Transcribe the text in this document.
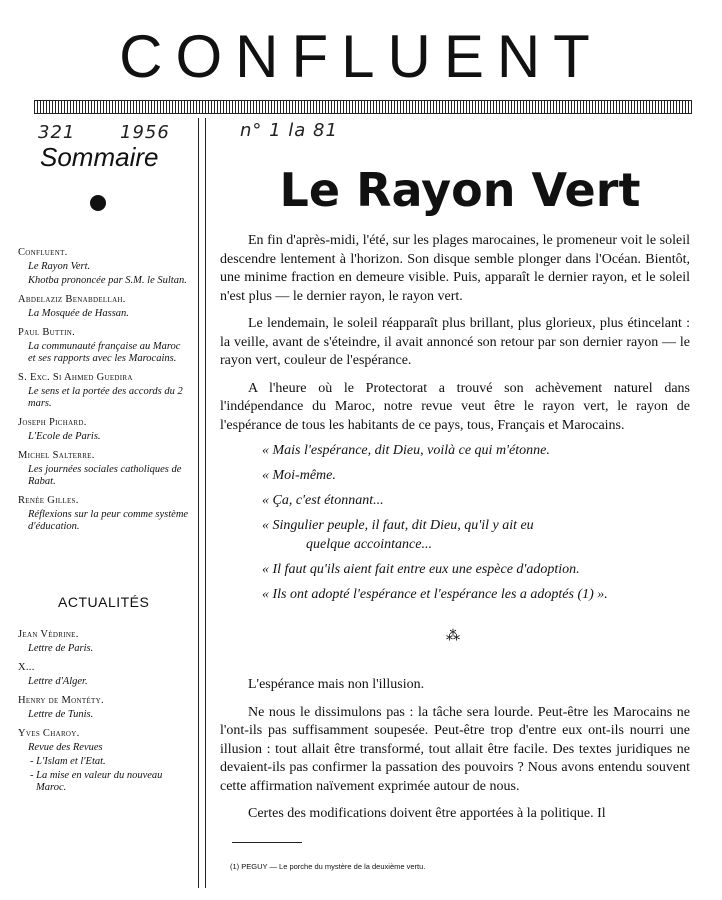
CONFLUENT
321 1956	n° 1 la 81
Sommaire
Confluent.
Le Rayon Vert.
Khotba prononcée par S.M. le Sultan.
Abdelaziz Benabdellah.
La Mosquée de Hassan.
Paul Buttin.
La communauté française au Maroc et ses rapports avec les Marocains.
S. Exc. Si Ahmed Guedira
Le sens et la portée des accords du 2 mars.
Joseph Pichard.
L'Ecole de Paris.
Michel Salterre.
Les journées sociales catholiques de Rabat.
Renée Gilles.
Réflexions sur la peur comme système d'éducation.
ACTUALITÉS
Jean Védrine.
Lettre de Paris.
X...
Lettre d'Alger.
Henry de Montéty.
Lettre de Tunis.
Yves Charoy.
Revue des Revues
- L'Islam et l'Etat.
- La mise en valeur du nouveau Maroc.
Le Rayon Vert

En fin d'après-midi, l'été, sur les plages marocaines, le promeneur voit le soleil descendre lentement à l'horizon. Son disque semble plonger dans l'Océan. Bientôt, une minime fraction en demeure visible. Puis, apparaît le dernier rayon, et le soleil n'est plus — le dernier rayon, le rayon vert.

Le lendemain, le soleil réapparaît plus brillant, plus glorieux, plus étincelant : la veille, avant de s'éteindre, il avait annoncé son retour par son dernier rayon — le rayon vert, couleur de l'espérance.

A l'heure où le Protectorat a trouvé son achèvement naturel dans l'indépendance du Maroc, notre revue veut être le rayon vert, le rayon de l'espérance de tous les habitants de ce pays, tous, Français et Marocains.

« Mais l'espérance, dit Dieu, voilà ce qui m'étonne.
« Moi-même.
« Ça, c'est étonnant...
« Singulier peuple, il faut, dit Dieu, qu'il y ait eu
quelque accointance...
« Il faut qu'ils aient fait entre eux une espèce d'adoption.
« Ils ont adopté l'espérance et l'espérance les a adoptés (1) ».
⁂

L'espérance mais non l'illusion.

Ne nous le dissimulons pas : la tâche sera lourde. Peut-être les Marocains ne l'ont-ils pas suffisamment soupesée. Peut-être trop d'entre eux ont-ils nourri une illusion : tout allait être transformé, tout allait être facile. Des textes juridiques ne devaient-ils pas confirmer la passation des pouvoirs ? Nous avons entendu souvent cette affirmation naïvement exprimée autour de nous.

Certes des modifications doivent être apportées à la politique. Il

(1) PEGUY — Le porche du mystère de la deuxième vertu.
